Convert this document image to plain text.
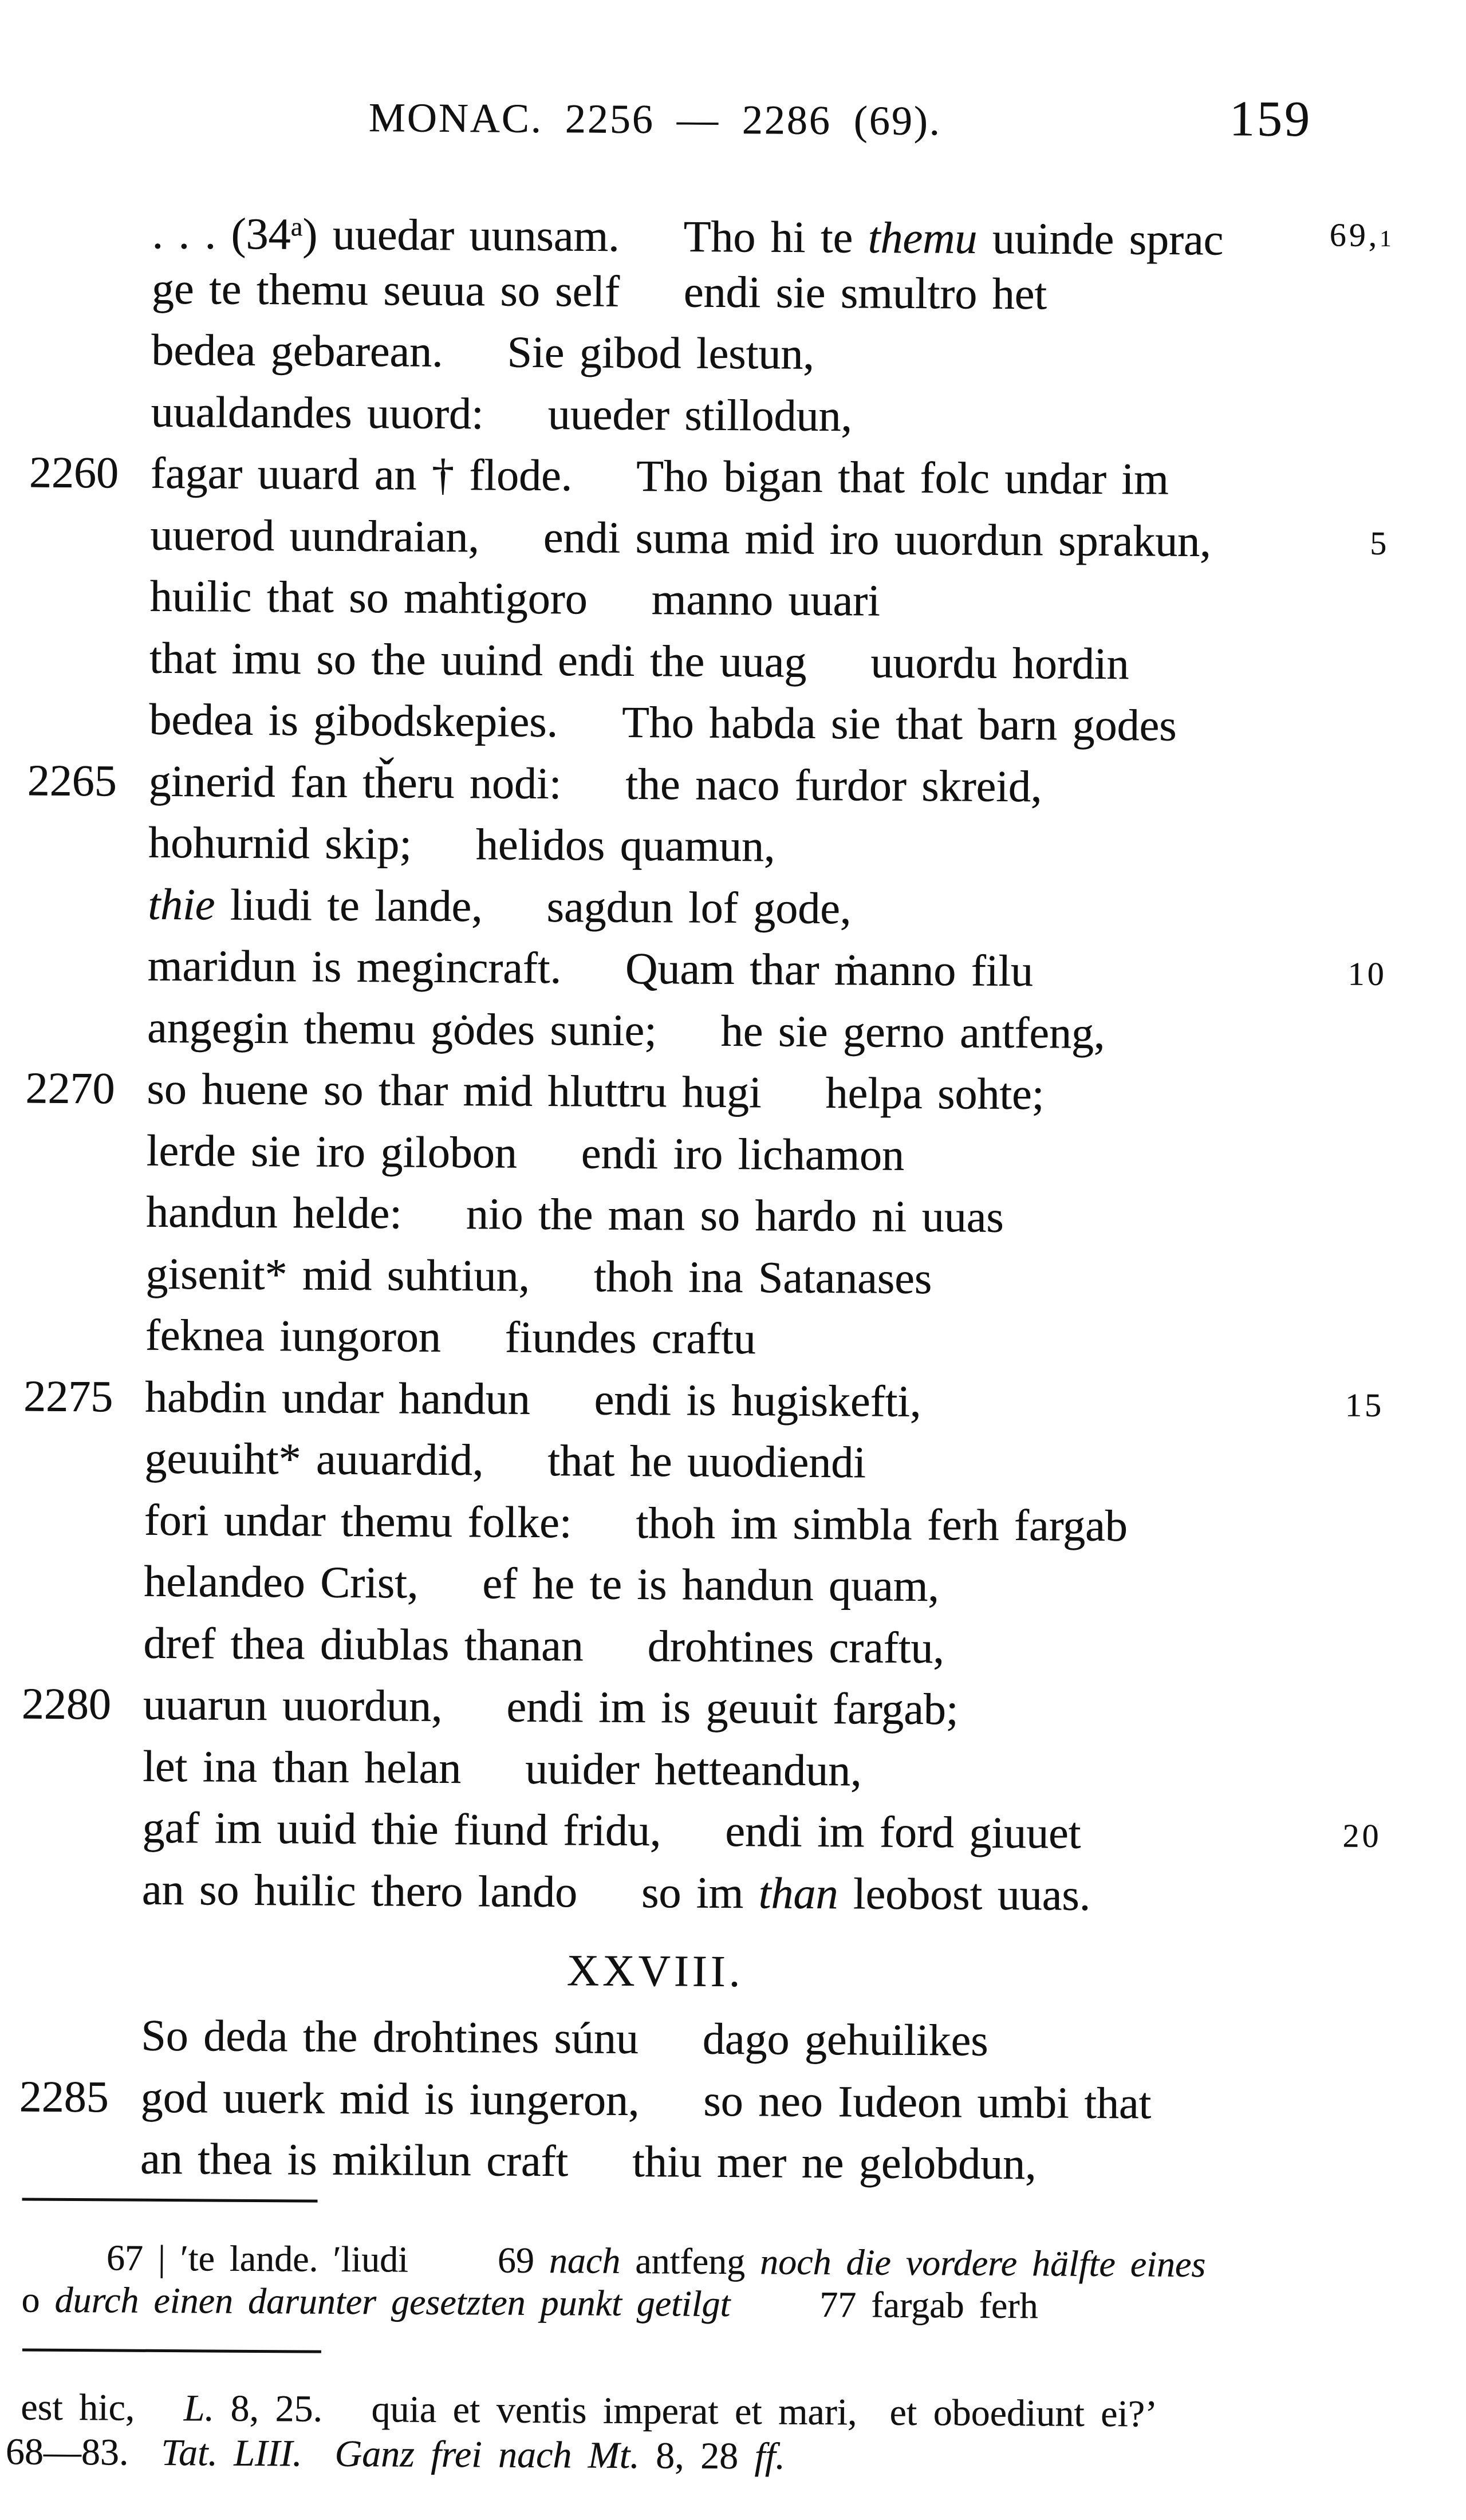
MONAC. 2256 — 2286 (69).	159
. . . (34$^a$) uuedar uunsam. Tho hi te themu uuinde sprac	69,1
ge te themu seuua so self endi sie smultro het
bedea gebarean. Sie gibod lestun,
uualdandes uuord: uueder stillodun,
2260 fagar uuard an † flode. Tho bigan that folc undar im
uuerod uundraian, endi suma mid iro uuordun sprakun,	5
huilic that so mahtigoro manno uuari
that imu so the uuind endi the uuag uuordu hordin
bedea is gibodskepies. Tho habda sie that barn godes
2265 ginerid fan tȟeru nodi: the naco furdor skreid,
hohurnid skip; helidos quamun,
thie liudi te lande, sagdun lof gode,
maridun is megincraft. Quam thar ṁanno filu	10
angegin themu gȯdes sunie; he sie gerno antfeng,
2270 so huene so thar mid hluttru hugi helpa sohte;
lerde sie iro gilobon endi iro lichamon
handun helde: nio the man so hardo ni uuas
gisenit* mid suhtiun, thoh ina Satanases
feknea iungoron fiundes craftu
2275 habdin undar handun endi is hugiskefti,	15
geuuiht* auuardid, that he uuodiendi
fori undar themu folke: thoh im simbla ferh fargab
helandeo Crist, ef he te is handun quam,
dref thea diublas thanan drohtines craftu,
2280 uuarun uuordun, endi im is geuuit fargab;
let ina than helan uuider hetteandun,
gaf im uuid thie fiund fridu, endi im ford giuuet	20
an so huilic thero lando so im than leobost uuas.
XXVIII.
So deda the drohtines súnu dago gehuilikes
2285 god uuerk mid is iungeron, so neo Iudeon umbi that
an thea is mikilun craft thiu mer ne gelobdun,
67 | ′te lande. ′liudi      69 nach antfeng noch die vordere hälfte eines
o durch einen darunter gesetzten punkt getilgt      77 fargab ferh
est hic,   L. 8, 25.   quia et ventis imperat et mari,  et oboediunt ei?’
68—83.  Tat. LIII. Ganz frei nach Mt. 8, 28 ff.
